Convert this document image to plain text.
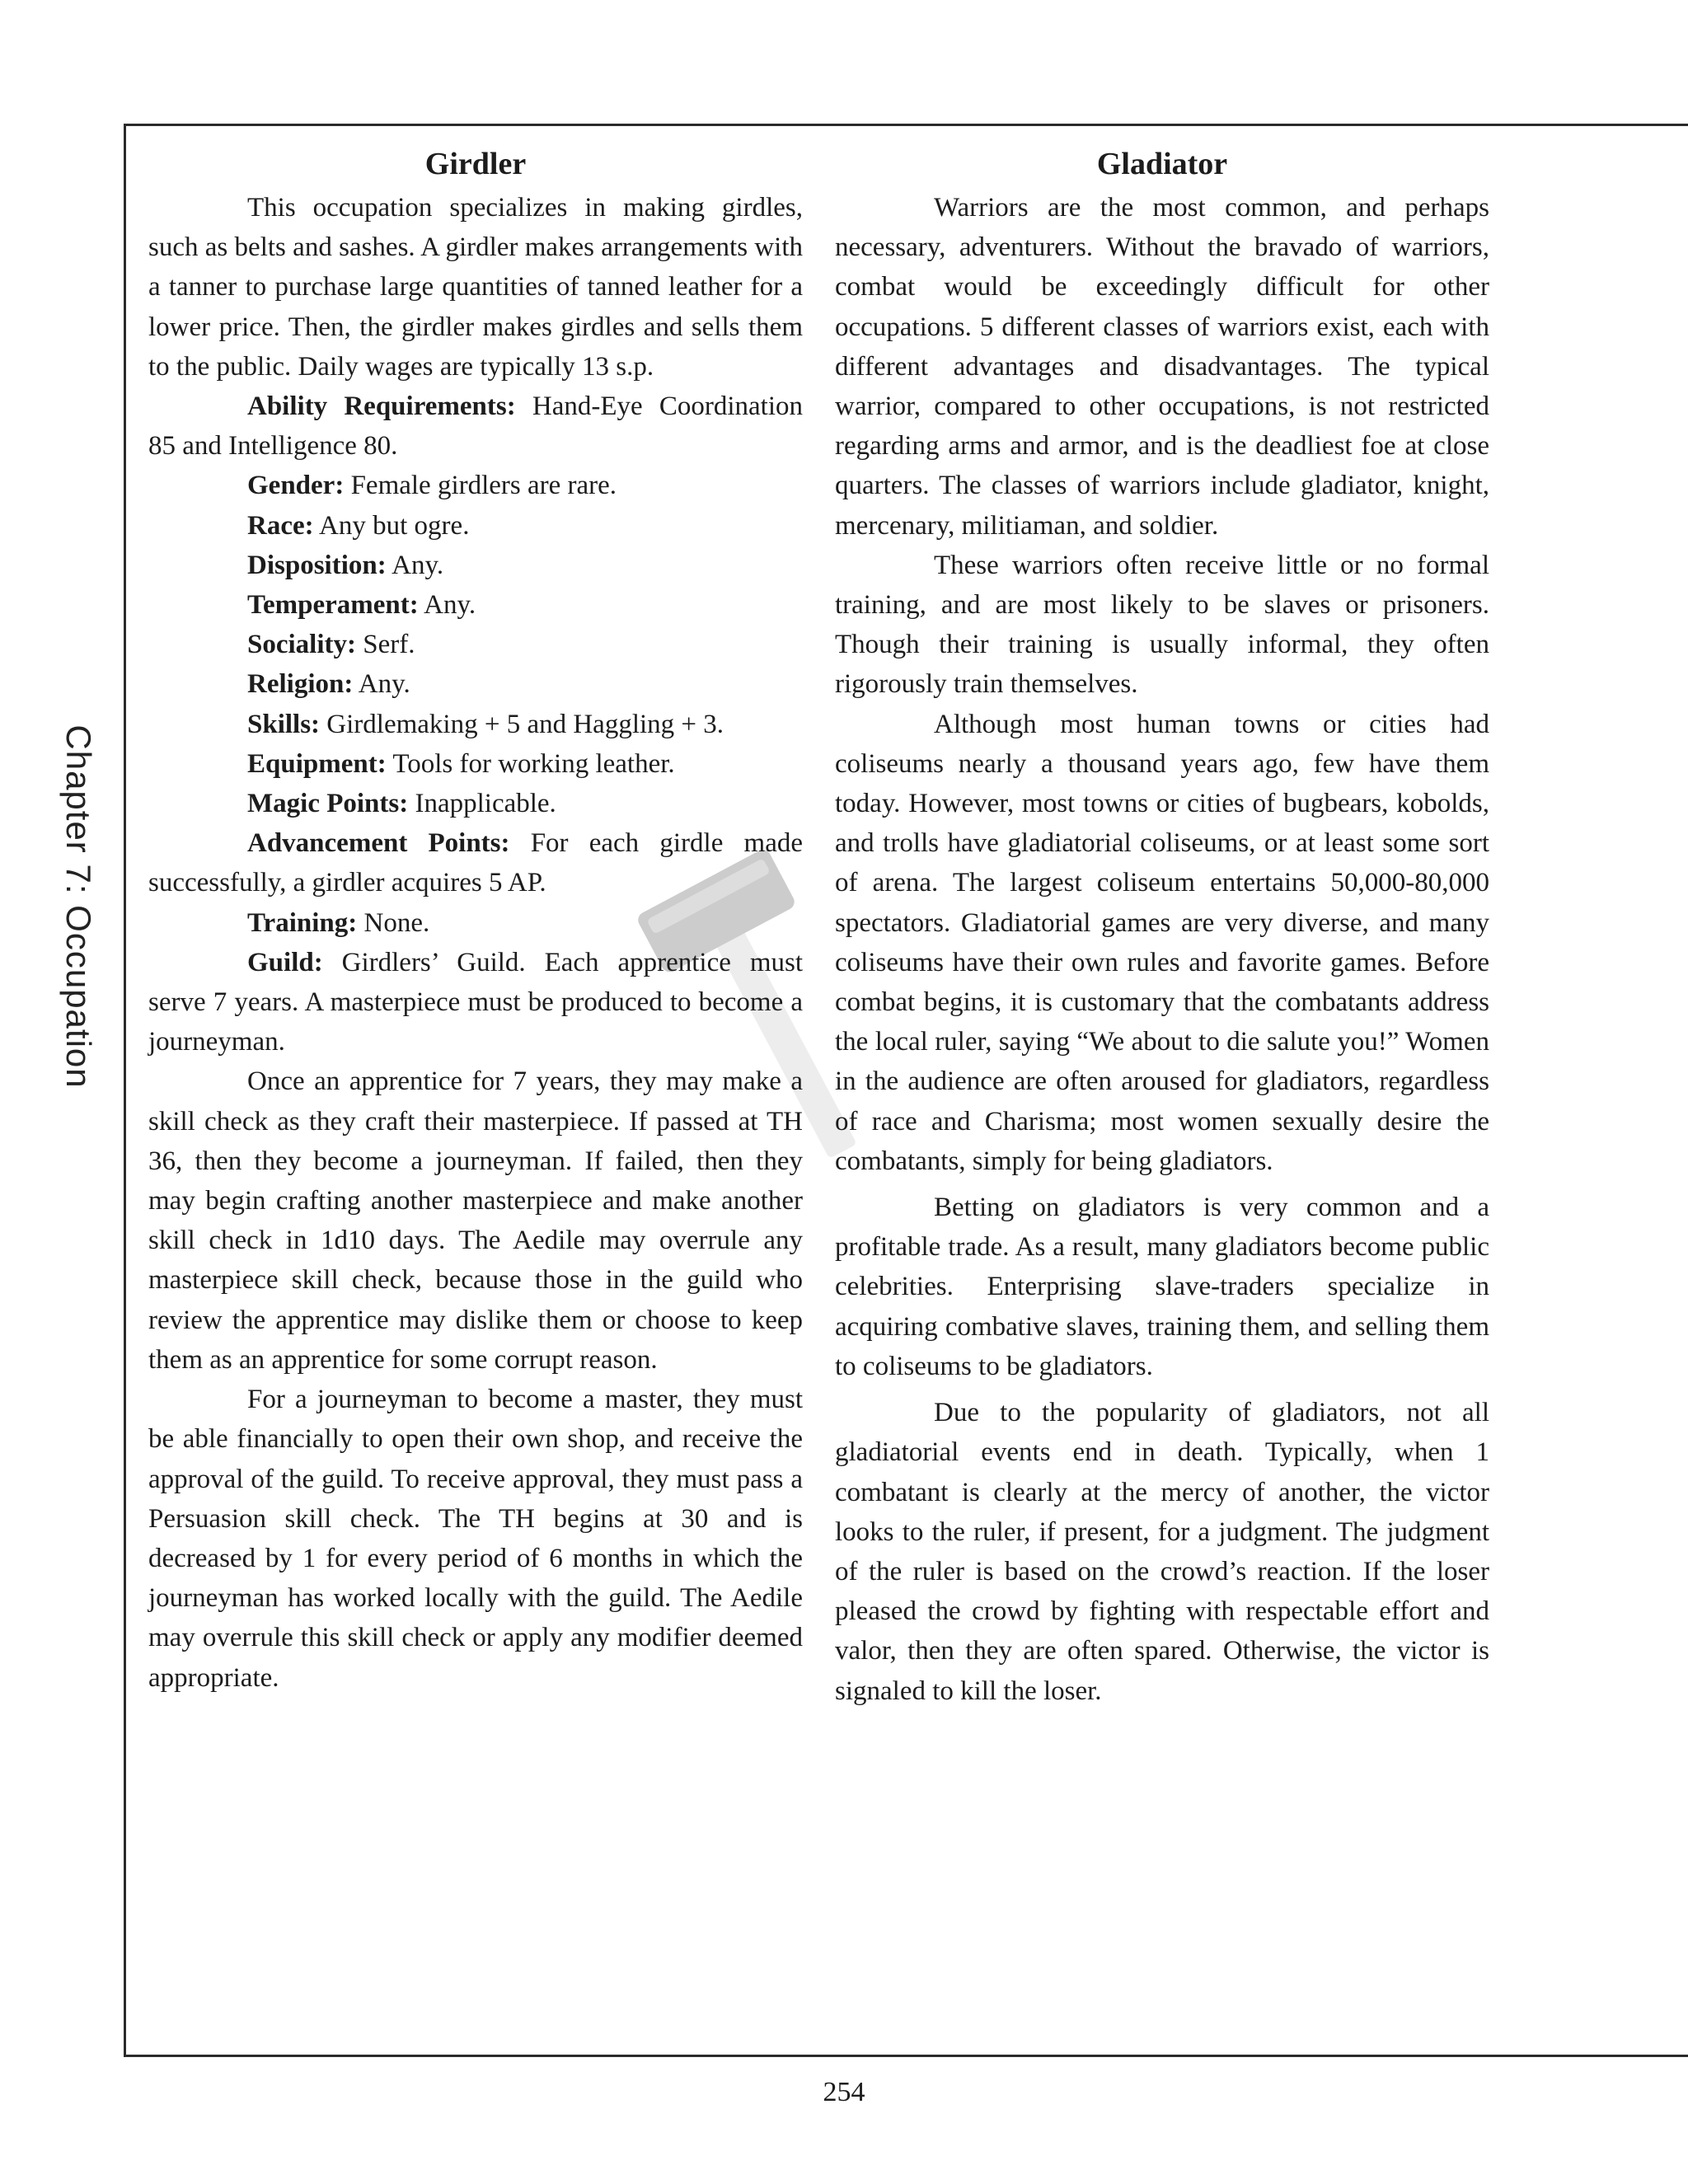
Chapter 7: Occupation
Girdler

This occupation specializes in making girdles, such as belts and sashes. A girdler makes arrangements with a tanner to purchase large quantities of tanned leather for a lower price. Then, the girdler makes girdles and sells them to the public. Daily wages are typically 13 s.p.

Ability Requirements: Hand-Eye Coordination 85 and Intelligence 80.

Gender: Female girdlers are rare.

Race: Any but ogre.

Disposition: Any.

Temperament: Any.

Sociality: Serf.

Religion: Any.

Skills: Girdlemaking + 5 and Haggling + 3.

Equipment: Tools for working leather.

Magic Points: Inapplicable.

Advancement Points: For each girdle made successfully, a girdler acquires 5 AP.

Training: None.

Guild: Girdlers’ Guild. Each apprentice must serve 7 years. A masterpiece must be produced to become a journeyman.

Once an apprentice for 7 years, they may make a skill check as they craft their masterpiece. If passed at TH 36, then they become a journeyman. If failed, then they may begin crafting another masterpiece and make another skill check in 1d10 days. The Aedile may overrule any masterpiece skill check, because those in the guild who review the apprentice may dislike them or choose to keep them as an apprentice for some corrupt reason.

For a journeyman to become a master, they must be able financially to open their own shop, and receive the approval of the guild. To receive approval, they must pass a Persuasion skill check. The TH begins at 30 and is decreased by 1 for every period of 6 months in which the journeyman has worked locally with the guild. The Aedile may overrule this skill check or apply any modifier deemed appropriate.

Gladiator

Warriors are the most common, and perhaps necessary, adventurers. Without the bravado of warriors, combat would be exceedingly difficult for other occupations. 5 different classes of warriors exist, each with different advantages and disadvantages. The typical warrior, compared to other occupations, is not restricted regarding arms and armor, and is the deadliest foe at close quarters. The classes of warriors include gladiator, knight, mercenary, militiaman, and soldier.

These warriors often receive little or no formal training, and are most likely to be slaves or prisoners. Though their training is usually informal, they often rigorously train themselves.

Although most human towns or cities had coliseums nearly a thousand years ago, few have them today. However, most towns or cities of bugbears, kobolds, and trolls have gladiatorial coliseums, or at least some sort of arena. The largest coliseum entertains 50,000-80,000 spectators. Gladiatorial games are very diverse, and many coliseums have their own rules and favorite games. Before combat begins, it is customary that the combatants address the local ruler, saying “We about to die salute you!” Women in the audience are often aroused for gladiators, regardless of race and Charisma; most women sexually desire the combatants, simply for being gladiators.

Betting on gladiators is very common and a profitable trade. As a result, many gladiators become public celebrities. Enterprising slave-traders specialize in acquiring combative slaves, training them, and selling them to coliseums to be gladiators.

Due to the popularity of gladiators, not all gladiatorial events end in death. Typically, when 1 combatant is clearly at the mercy of another, the victor looks to the ruler, if present, for a judgment. The judgment of the ruler is based on the crowd’s reaction. If the loser pleased the crowd by fighting with respectable effort and valor, then they are often spared. Otherwise, the victor is signaled to kill the loser.

254
